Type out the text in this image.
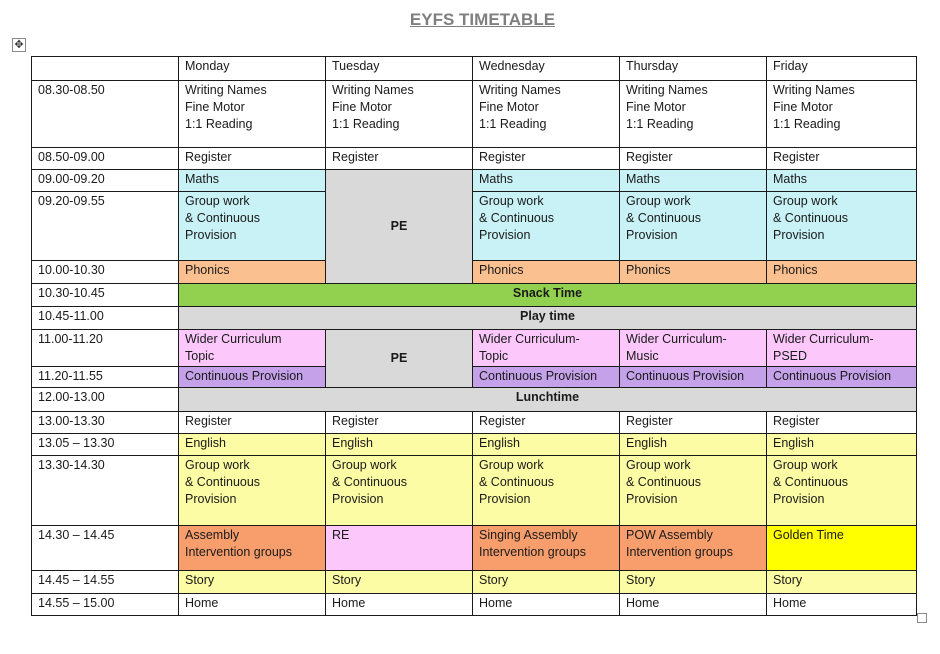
EYFS TIMETABLE
✥
	Monday	Tuesday	Wednesday	Thursday	Friday
08.30-08.50	Writing Names
Fine Motor
1:1 Reading	Writing Names
Fine Motor
1:1 Reading	Writing Names
Fine Motor
1:1 Reading	Writing Names
Fine Motor
1:1 Reading	Writing Names
Fine Motor
1:1 Reading
08.50-09.00	Register	Register	Register	Register	Register
09.00-09.20	Maths	PE	Maths	Maths	Maths
09.20-09.55	Group work
& Continuous
Provision		Group work
& Continuous
Provision	Group work
& Continuous
Provision	Group work
& Continuous
Provision
10.00-10.30	Phonics		Phonics	Phonics	Phonics
10.30-10.45	Snack Time				
10.45-11.00	Play time				
11.00-11.20	Wider Curriculum
Topic	PE	Wider Curriculum-
Topic	Wider Curriculum-
Music	Wider Curriculum-
PSED
11.20-11.55	Continuous Provision		Continuous Provision	Continuous Provision	Continuous Provision
12.00-13.00	Lunchtime				
13.00-13.30	Register	Register	Register	Register	Register
13.05 – 13.30	English	English	English	English	English
13.30-14.30	Group work
& Continuous
Provision	Group work
& Continuous
Provision	Group work
& Continuous
Provision	Group work
& Continuous
Provision	Group work
& Continuous
Provision
14.30 – 14.45	Assembly
Intervention groups	RE	Singing Assembly
Intervention groups	POW Assembly
Intervention groups	Golden Time
14.45 – 14.55	Story	Story	Story	Story	Story
14.55 – 15.00	Home	Home	Home	Home	Home
